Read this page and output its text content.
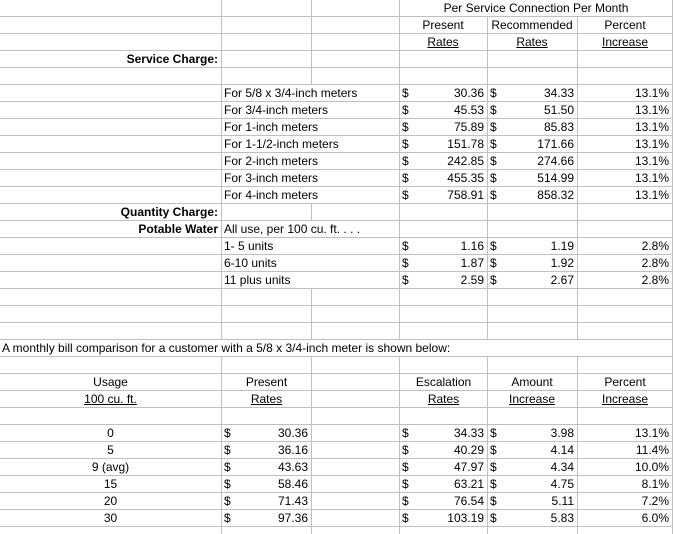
Per Service Connection Per Month
Present	Recommended	Percent
Rates	Rates	Increase
Service Charge:
For 5/8 x 3/4-inch meters	$	30.36 $	34.33	13.1%
For 3/4-inch meters	$	45.53 $	51.50	13.1%
For 1-inch meters	$	75.89 $	85.83	13.1%
For 1-1/2-inch meters	$	151.78 $	171.66	13.1%
For 2-inch meters	$	242.85 $	274.66	13.1%
For 3-inch meters	$	455.35 $	514.99	13.1%
For 4-inch meters	$	758.91 $	858.32	13.1%
Quantity Charge:
Potable Water All use, per 100 cu. ft. . . .
1- 5 units	$	1.16 $	1.19	2.8%
6-10 units	$	1.87 $	1.92	2.8%
11 plus units	$	2.59 $	2.67	2.8%
A monthly bill comparison for a customer with a 5/8 x 3/4-inch meter is shown below:
Usage	Present	Escalation	Amount	Percent
100 cu. ft.	Rates	Rates	Increase	Increase
0	$	30.36	$	34.33 $	3.98	13.1%
5	$	36.16	$	40.29 $	4.14	11.4%
9 (avg)	$	43.63	$	47.97 $	4.34	10.0%
15	$	58.46	$	63.21 $	4.75	8.1%
20	$	71.43	$	76.54 $	5.11	7.2%
30	$	97.36	$	103.19 $	5.83	6.0%
